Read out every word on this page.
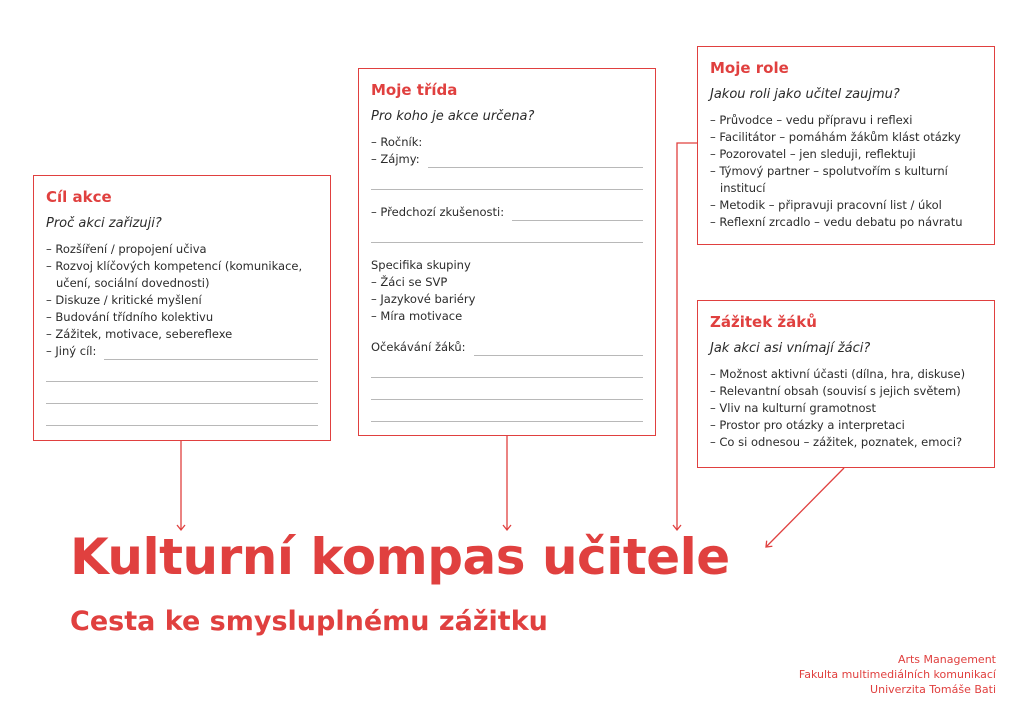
Cíl akce
Proč akci zařizuji?
– Rozšíření / propojení učiva
– Rozvoj klíčových kompetencí (komunikace, učení, sociální dovednosti)
– Diskuze / kritické myšlení
– Budování třídního kolektivu
– Zážitek, motivace, sebereflexe
– Jiný cíl:
Moje třída
Pro koho je akce určena?
– Ročník:
– Zájmy:
– Předchozí zkušenosti:
Specifika skupiny
– Žáci se SVP
– Jazykové bariéry
– Míra motivace
Očekávání žáků:
Moje role
Jakou roli jako učitel zaujmu?
– Průvodce – vedu přípravu i reflexi
– Facilitátor – pomáhám žákům klást otázky
– Pozorovatel – jen sleduji, reflektuji
– Týmový partner – spolutvořím s kulturní institucí
– Metodik – připravuji pracovní list / úkol
– Reflexní zrcadlo – vedu debatu po návratu
Zážitek žáků
Jak akci asi vnímají žáci?
– Možnost aktivní účasti (dílna, hra, diskuse)
– Relevantní obsah (souvisí s jejich světem)
– Vliv na kulturní gramotnost
– Prostor pro otázky a interpretaci
– Co si odnesou – zážitek, poznatek, emoci?
Kulturní kompas učitele
Cesta ke smysluplnému zážitku
Arts Management
Fakulta multimediálních komunikací
Univerzita Tomáše Bati
